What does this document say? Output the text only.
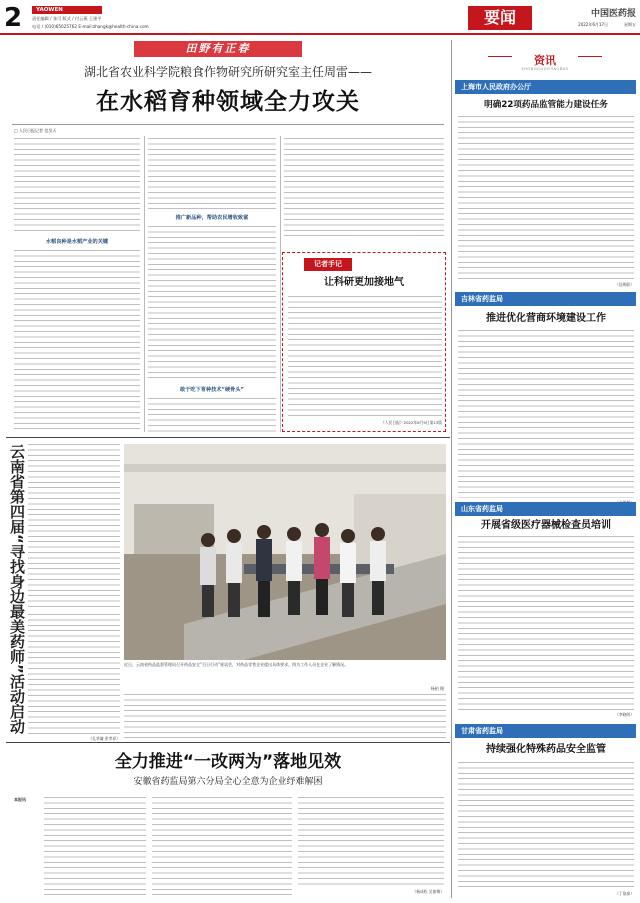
2	YAOWEN
责任编辑 / 张可 版式 / 付云燕 王建平
电话 / (010)65025762 E-mail:zhangk@health-china.com	要闻	中国医药报
2022年6月17日	星期五
田野有正春
湖北省农业科学院粮食作物研究所研究室主任周雷——
在水稻育种领域全力攻关
□ 人民日报记者 范昊天
水稻良种是水稻产业的关键
推广新品种，帮助农民增收致富
敢于吃下育种技术“硬骨头”
记者手记
让科研更加接地气
《人民日报》2022年6月9日第13版
云南省第四届“寻找身边最美药师”活动启动
（孔华谦 张孝祥）
近日，云南省药品监督管理局召开药品安全“百日行动”座谈会，对药品零售企业提出具体要求。图为工作人员在企业了解情况。
杨柏 摄
全力推进“一改两为”落地见效
安徽省药监局第六分局全心全意为企业纾难解困
本报讯
（杨成松 吴如梅）
资讯
ZHONGGUOYIYAOBAO
上海市人民政府办公厅
明确22项药品监管能力建设任务
（佳明联）
吉林省药监局
推进优化营商环境建设工作
山东省药监局
开展省级医疗器械检查员培训
（李晓明）
甘肃省药监局
持续强化特殊药品安全监管
（丁依泰）
